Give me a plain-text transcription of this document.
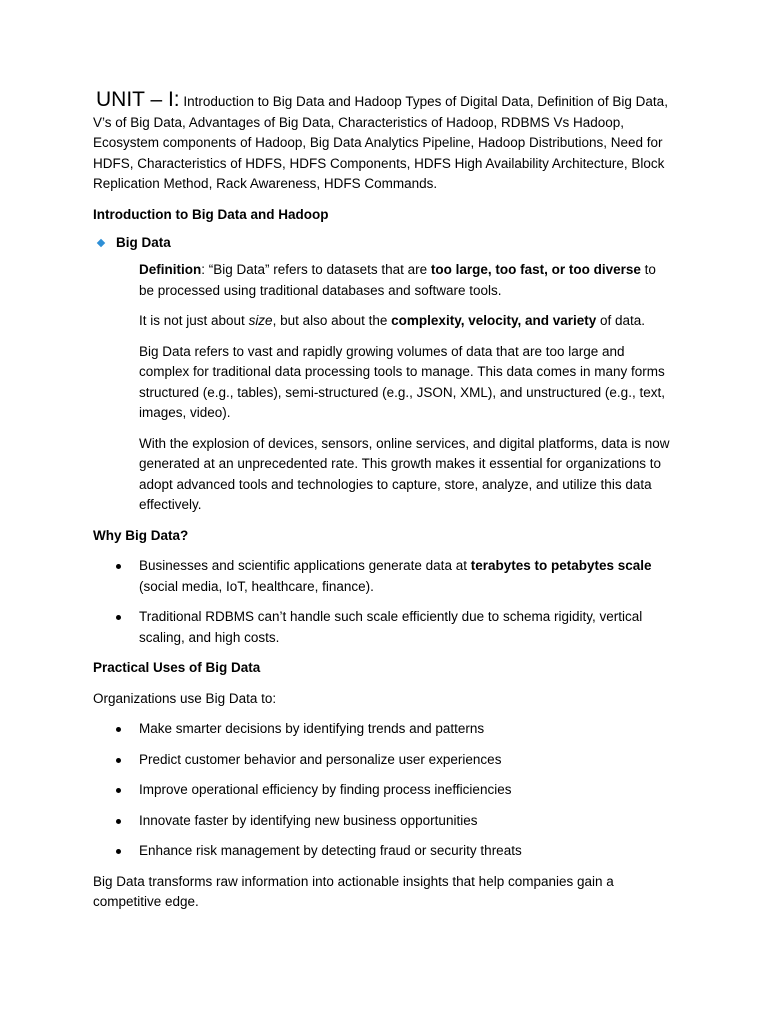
UNIT – I: Introduction to Big Data and Hadoop Types of Digital Data, Definition of Big Data, V’s of Big Data, Advantages of Big Data, Characteristics of Hadoop, RDBMS Vs Hadoop, Ecosystem components of Hadoop, Big Data Analytics Pipeline, Hadoop Distributions, Need for HDFS, Characteristics of HDFS, HDFS Components, HDFS High Availability Architecture, Block Replication Method, Rack Awareness, HDFS Commands.

Introduction to Big Data and Hadoop

Big Data

Definition: “Big Data” refers to datasets that are too large, too fast, or too diverse to be processed using traditional databases and software tools.

It is not just about size, but also about the complexity, velocity, and variety of data.

Big Data refers to vast and rapidly growing volumes of data that are too large and complex for traditional data processing tools to manage. This data comes in many forms structured (e.g., tables), semi-structured (e.g., JSON, XML), and unstructured (e.g., text, images, video).

With the explosion of devices, sensors, online services, and digital platforms, data is now generated at an unprecedented rate. This growth makes it essential for organizations to adopt advanced tools and technologies to capture, store, analyze, and utilize this data effectively.

Why Big Data?

Businesses and scientific applications generate data at terabytes to petabytes scale (social media, IoT, healthcare, finance).
Traditional RDBMS can’t handle such scale efficiently due to schema rigidity, vertical scaling, and high costs.

Practical Uses of Big Data

Organizations use Big Data to:

Make smarter decisions by identifying trends and patterns
Predict customer behavior and personalize user experiences
Improve operational efficiency by finding process inefficiencies
Innovate faster by identifying new business opportunities
Enhance risk management by detecting fraud or security threats

Big Data transforms raw information into actionable insights that help companies gain a competitive edge.
